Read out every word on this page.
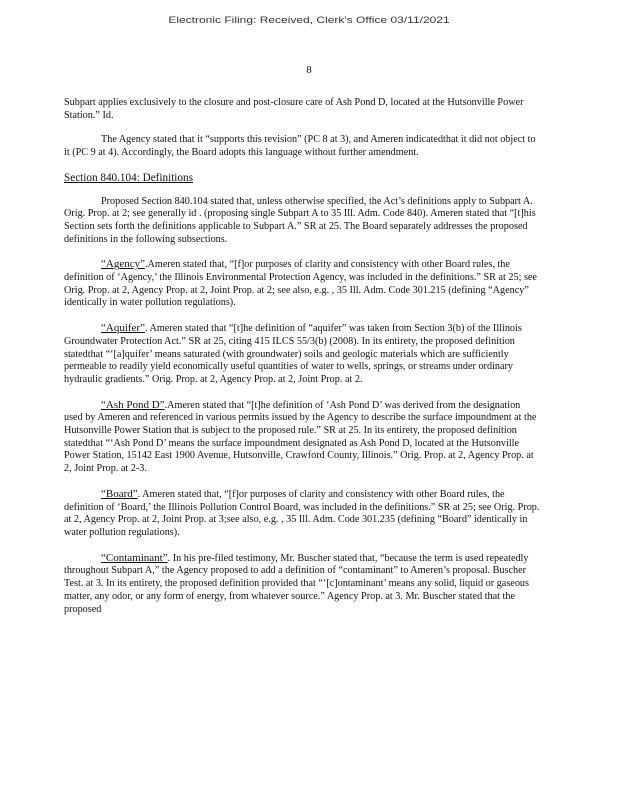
Electronic Filing: Received, Clerk's Office 03/11/2021
8

Subpart applies exclusively to the closure and post-closure care of Ash Pond D, located at the Hutsonville Power Station.” Id.

The Agency stated that it “supports this revision” (PC 8 at 3), and Ameren indicatedthat it did not object to it (PC 9 at 4). Accordingly, the Board adopts this language without further amendment.

Section 840.104: Definitions

Proposed Section 840.104 stated that, unless otherwise specified, the Act’s definitions apply to Subpart A. Orig. Prop. at 2; see generally id . (proposing single Subpart A to 35 Ill. Adm. Code 840). Ameren stated that “[t]his Section sets forth the definitions applicable to Subpart A.” SR at 25. The Board separately addresses the proposed definitions in the following subsections.

“Agency”.Ameren stated that, “[f]or purposes of clarity and consistency with other Board rules, the definition of ‘Agency,’ the Illinois Environmental Protection Agency, was included in the definitions.” SR at 25; see Orig. Prop. at 2, Agency Prop. at 2, Joint Prop. at 2; see also, e.g. , 35 Ill. Adm. Code 301.215 (defining “Agency” identically in water pollution regulations).

“Aquifer”. Ameren stated that “[t]he definition of “aquifer” was taken from Section 3(b) of the Illinois Groundwater Protection Act.” SR at 25, citing 415 ILCS 55/3(b) (2008). In its entirety, the proposed definition statedthat “‘[a]quifer’ means saturated (with groundwater) soils and geologic materials which are sufficiently permeable to readily yield economically useful quantities of water to wells, springs, or streams under ordinary hydraulic gradients.” Orig. Prop. at 2, Agency Prop. at 2, Joint Prop. at 2.

“Ash Pond D”.Ameren stated that “[t]he definition of ‘Ash Pond D’ was derived from the designation used by Ameren and referenced in various permits issued by the Agency to describe the surface impoundment at the Hutsonville Power Station that is subject to the proposed rule.” SR at 25. In its entirety, the proposed definition statedthat “‘Ash Pond D’ means the surface impoundment designated as Ash Pond D, located at the Hutsonville Power Station, 15142 East 1900 Avenue, Hutsonville, Crawford County, Illinois.” Orig. Prop. at 2, Agency Prop. at 2, Joint Prop. at 2-3.

“Board”. Ameren stated that, “[f]or purposes of clarity and consistency with other Board rules, the definition of ‘Board,’ the Illinois Pollution Control Board, was included in the definitions.” SR at 25; see Orig. Prop. at 2, Agency Prop. at 2, Joint Prop. at 3;see also, e.g. , 35 Ill. Adm. Code 301.235 (defining “Board” identically in water pollution regulations).

“Contaminant”. In his pre-filed testimony, Mr. Buscher stated that, “because the term is used repeatedly throughout Subpart A,” the Agency proposed to add a definition of “contaminant” to Ameren’s proposal. Buscher Test. at 3. In its entirety, the proposed definition provided that “‘[c]ontaminant’ means any solid, liquid or gaseous matter, any odor, or any form of energy, from whatever source.” Agency Prop. at 3. Mr. Buscher stated that the proposed
